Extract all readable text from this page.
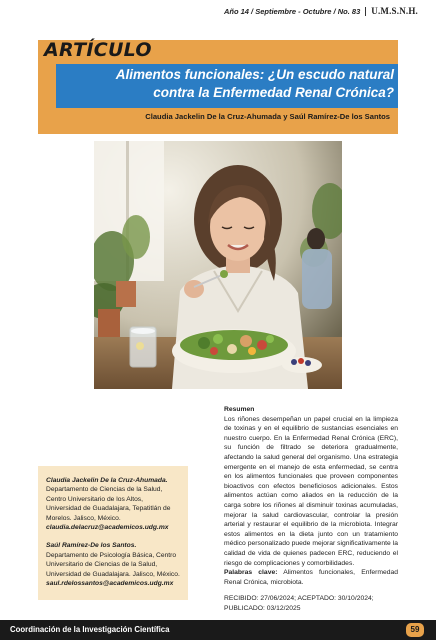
Año 14 / Septiembre - Octubre / No. 83	U.M.S.N.H.
ARTÍCULO
Alimentos funcionales: ¿Un escudo natural
contra la Enfermedad Renal Crónica?
Claudia Jackelin De la Cruz-Ahumada y Saúl Ramírez-De los Santos

Claudia Jackelin De la Cruz-Ahumada. Departamento de Ciencias de la Salud, Centro Universitario de los Altos, Universidad de Guadalajara, Tepatitlán de Morelos. Jalisco, México.
claudia.delacruz@academicos.udg.mx

Saúl Ramírez-De los Santos. Departamento de Psicología Básica, Centro Universitario de Ciencias de la Salud, Universidad de Guadalajara. Jalisco, México.
saul.rdelossantos@academicos.udg.mx

Resumen
Los riñones desempeñan un papel crucial en la limpieza de toxinas y en el equilibrio de sustancias esenciales en nuestro cuerpo. En la Enfermedad Renal Crónica (ERC), su función de filtrado se deteriora gradualmente, afectando la salud general del organismo. Una estrategia emergente en el manejo de esta enfermedad, se centra en los alimentos funcionales que proveen componentes bioactivos con efectos beneficiosos adicionales. Estos alimentos actúan como aliados en la reducción de la carga sobre los riñones al disminuir toxinas acumuladas, mejorar la salud cardiovascular, controlar la presión arterial y restaurar el equilibrio de la microbiota. Integrar estos alimentos en la dieta junto con un tratamiento médico personalizado puede mejorar significativamente la calidad de vida de quienes padecen ERC, reduciendo el riesgo de complicaciones y comorbilidades.
Palabras clave: Alimentos funcionales, Enfermedad Renal Crónica, microbiota.
RECIBIDO: 27/06/2024; ACEPTADO: 30/10/2024; PUBLICADO: 03/12/2025
Coordinación de la Investigación Científica	59
